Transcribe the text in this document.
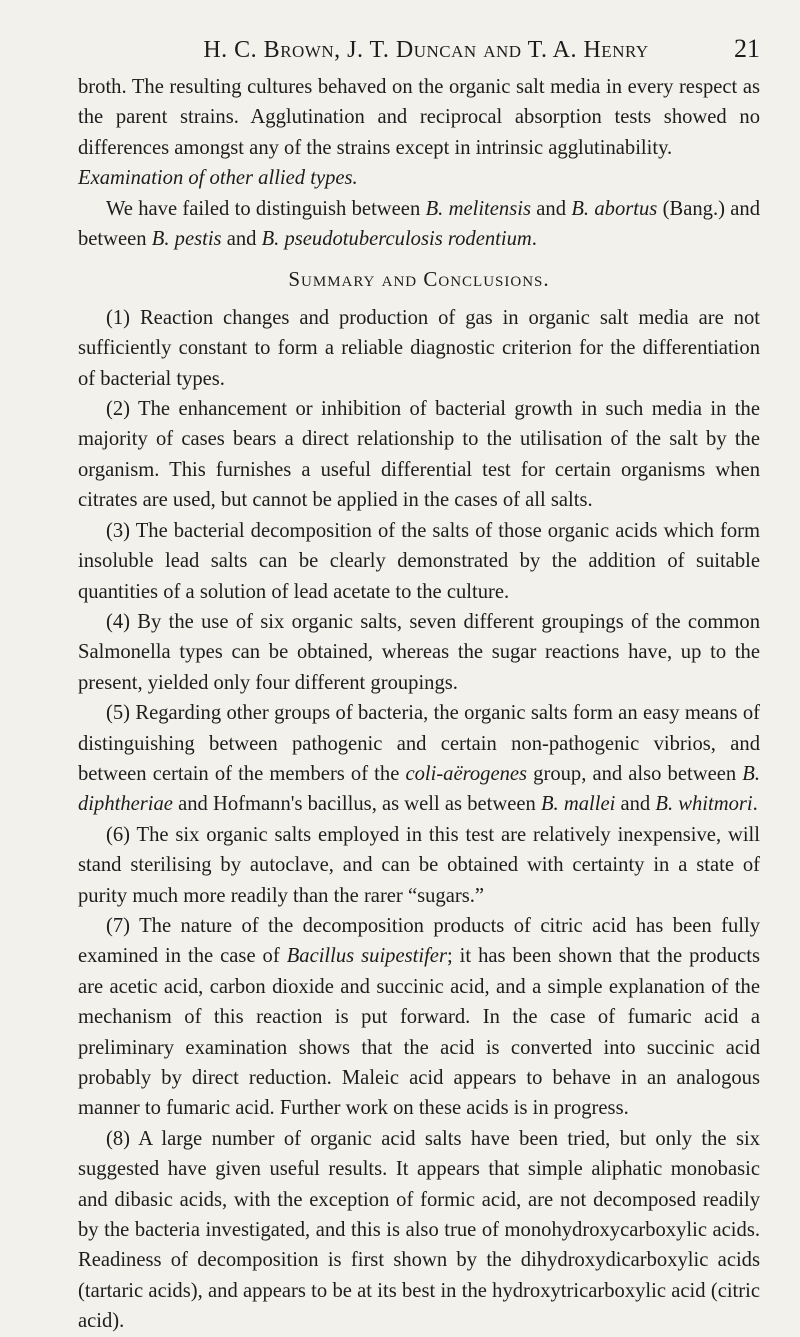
H. C. Brown, J. T. Duncan and T. A. Henry	21

broth. The resulting cultures behaved on the organic salt media in every respect as the parent strains. Agglutination and reciprocal absorption tests showed no differences amongst any of the strains except in intrinsic agglutinability.

Examination of other allied types.

We have failed to distinguish between B. melitensis and B. abortus (Bang.) and between B. pestis and B. pseudotuberculosis rodentium.

Summary and Conclusions.

(1) Reaction changes and production of gas in organic salt media are not sufficiently constant to form a reliable diagnostic criterion for the differentiation of bacterial types.

(2) The enhancement or inhibition of bacterial growth in such media in the majority of cases bears a direct relationship to the utilisation of the salt by the organism. This furnishes a useful differential test for certain organisms when citrates are used, but cannot be applied in the cases of all salts.

(3) The bacterial decomposition of the salts of those organic acids which form insoluble lead salts can be clearly demonstrated by the addition of suitable quantities of a solution of lead acetate to the culture.

(4) By the use of six organic salts, seven different groupings of the common Salmonella types can be obtained, whereas the sugar reactions have, up to the present, yielded only four different groupings.

(5) Regarding other groups of bacteria, the organic salts form an easy means of distinguishing between pathogenic and certain non-pathogenic vibrios, and between certain of the members of the coli-aërogenes group, and also between B. diphtheriae and Hofmann's bacillus, as well as between B. mallei and B. whitmori.

(6) The six organic salts employed in this test are relatively inexpensive, will stand sterilising by autoclave, and can be obtained with certainty in a state of purity much more readily than the rarer “sugars.”

(7) The nature of the decomposition products of citric acid has been fully examined in the case of Bacillus suipestifer; it has been shown that the products are acetic acid, carbon dioxide and succinic acid, and a simple explanation of the mechanism of this reaction is put forward. In the case of fumaric acid a preliminary examination shows that the acid is converted into succinic acid probably by direct reduction. Maleic acid appears to behave in an analogous manner to fumaric acid. Further work on these acids is in progress.

(8) A large number of organic acid salts have been tried, but only the six suggested have given useful results. It appears that simple aliphatic monobasic and dibasic acids, with the exception of formic acid, are not decomposed readily by the bacteria investigated, and this is also true of monohydroxycarboxylic acids. Readiness of decomposition is first shown by the dihydroxydicarboxylic acids (tartaric acids), and appears to be at its best in the hydroxytricarboxylic acid (citric acid).
